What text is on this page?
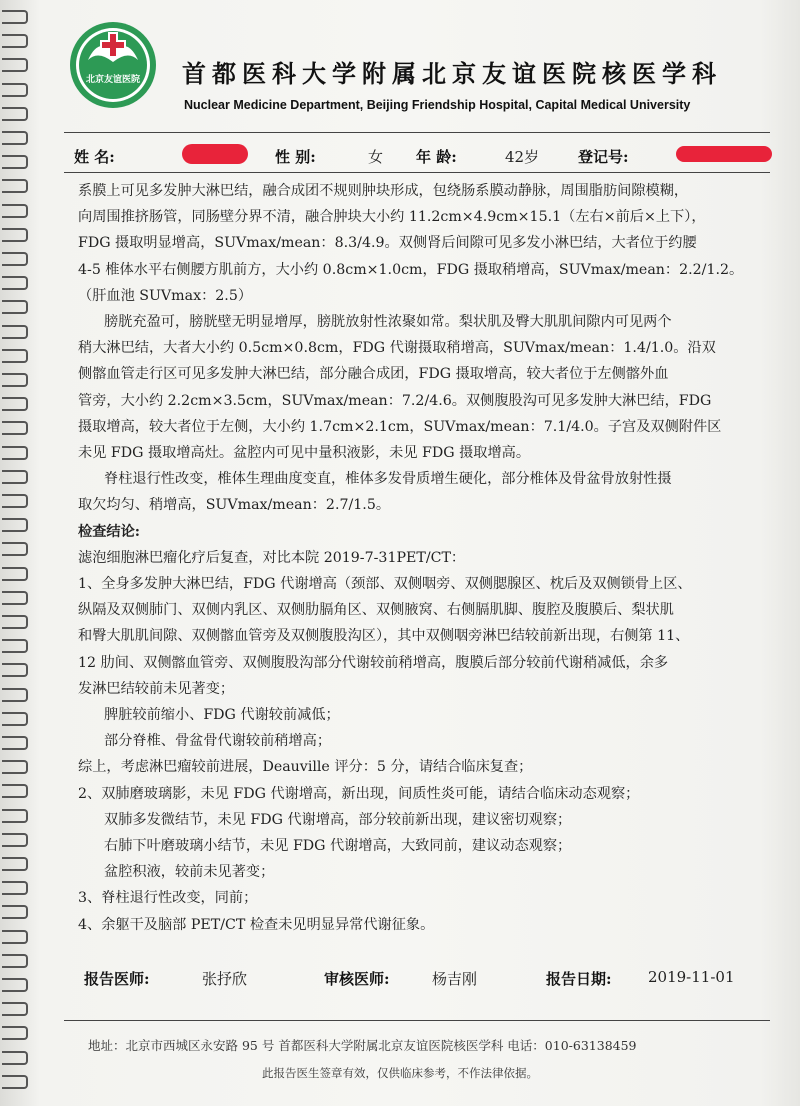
北京友谊医院 首都医科大学附属北京友谊医院核医学科
Nuclear Medicine Department, Beijing Friendship Hospital, Capital Medical University
姓 名:	性 别:	女 年 龄:	42岁	登记号:

系膜上可见多发肿大淋巴结，融合成团不规则肿块形成，包绕肠系膜动静脉，周围脂肪间隙模糊，

向周围推挤肠管，同肠壁分界不清，融合肿块大小约 11.2cm×4.9cm×15.1（左右×前后×上下），

FDG 摄取明显增高，SUVmax/mean：8.3/4.9。双侧肾后间隙可见多发小淋巴结，大者位于约腰

4-5 椎体水平右侧腰方肌前方，大小约 0.8cm×1.0cm，FDG 摄取稍增高，SUVmax/mean：2.2/1.2。

（肝血池 SUVmax：2.5）

膀胱充盈可，膀胱壁无明显增厚，膀胱放射性浓聚如常。梨状肌及臀大肌肌间隙内可见两个

稍大淋巴结，大者大小约 0.5cm×0.8cm，FDG 代谢摄取稍增高，SUVmax/mean：1.4/1.0。沿双

侧髂血管走行区可见多发肿大淋巴结，部分融合成团，FDG 摄取增高，较大者位于左侧髂外血

管旁，大小约 2.2cm×3.5cm，SUVmax/mean：7.2/4.6。双侧腹股沟可见多发肿大淋巴结，FDG

摄取增高，较大者位于左侧，大小约 1.7cm×2.1cm，SUVmax/mean：7.1/4.0。子宫及双侧附件区

未见 FDG 摄取增高灶。盆腔内可见中量积液影，未见 FDG 摄取增高。

脊柱退行性改变，椎体生理曲度变直，椎体多发骨质增生硬化，部分椎体及骨盆骨放射性摄

取欠均匀、稍增高，SUVmax/mean：2.7/1.5。

检查结论:

滤泡细胞淋巴瘤化疗后复查，对比本院 2019-7-31PET/CT：

1、全身多发肿大淋巴结，FDG 代谢增高（颈部、双侧咽旁、双侧腮腺区、枕后及双侧锁骨上区、

纵隔及双侧肺门、双侧内乳区、双侧肋膈角区、双侧腋窝、右侧膈肌脚、腹腔及腹膜后、梨状肌

和臀大肌肌间隙、双侧髂血管旁及双侧腹股沟区），其中双侧咽旁淋巴结较前新出现，右侧第 11、

12 肋间、双侧髂血管旁、双侧腹股沟部分代谢较前稍增高，腹膜后部分较前代谢稍减低，余多

发淋巴结较前未见著变；

脾脏较前缩小、FDG 代谢较前减低；

部分脊椎、骨盆骨代谢较前稍增高；

综上，考虑淋巴瘤较前进展，Deauville 评分：5 分，请结合临床复查；

2、双肺磨玻璃影，未见 FDG 代谢增高，新出现，间质性炎可能，请结合临床动态观察；

双肺多发微结节，未见 FDG 代谢增高，部分较前新出现，建议密切观察；

右肺下叶磨玻璃小结节，未见 FDG 代谢增高，大致同前，建议动态观察；

盆腔积液，较前未见著变；

3、脊柱退行性改变，同前；

4、余躯干及脑部 PET/CT 检查未见明显异常代谢征象。

报告医师:	张抒欣	审核医师:	杨吉刚	报告日期: 2019-11-01
地址：北京市西城区永安路 95 号 首都医科大学附属北京友谊医院核医学科 电话：010-63138459
此报告医生签章有效，仅供临床参考，不作法律依据。
